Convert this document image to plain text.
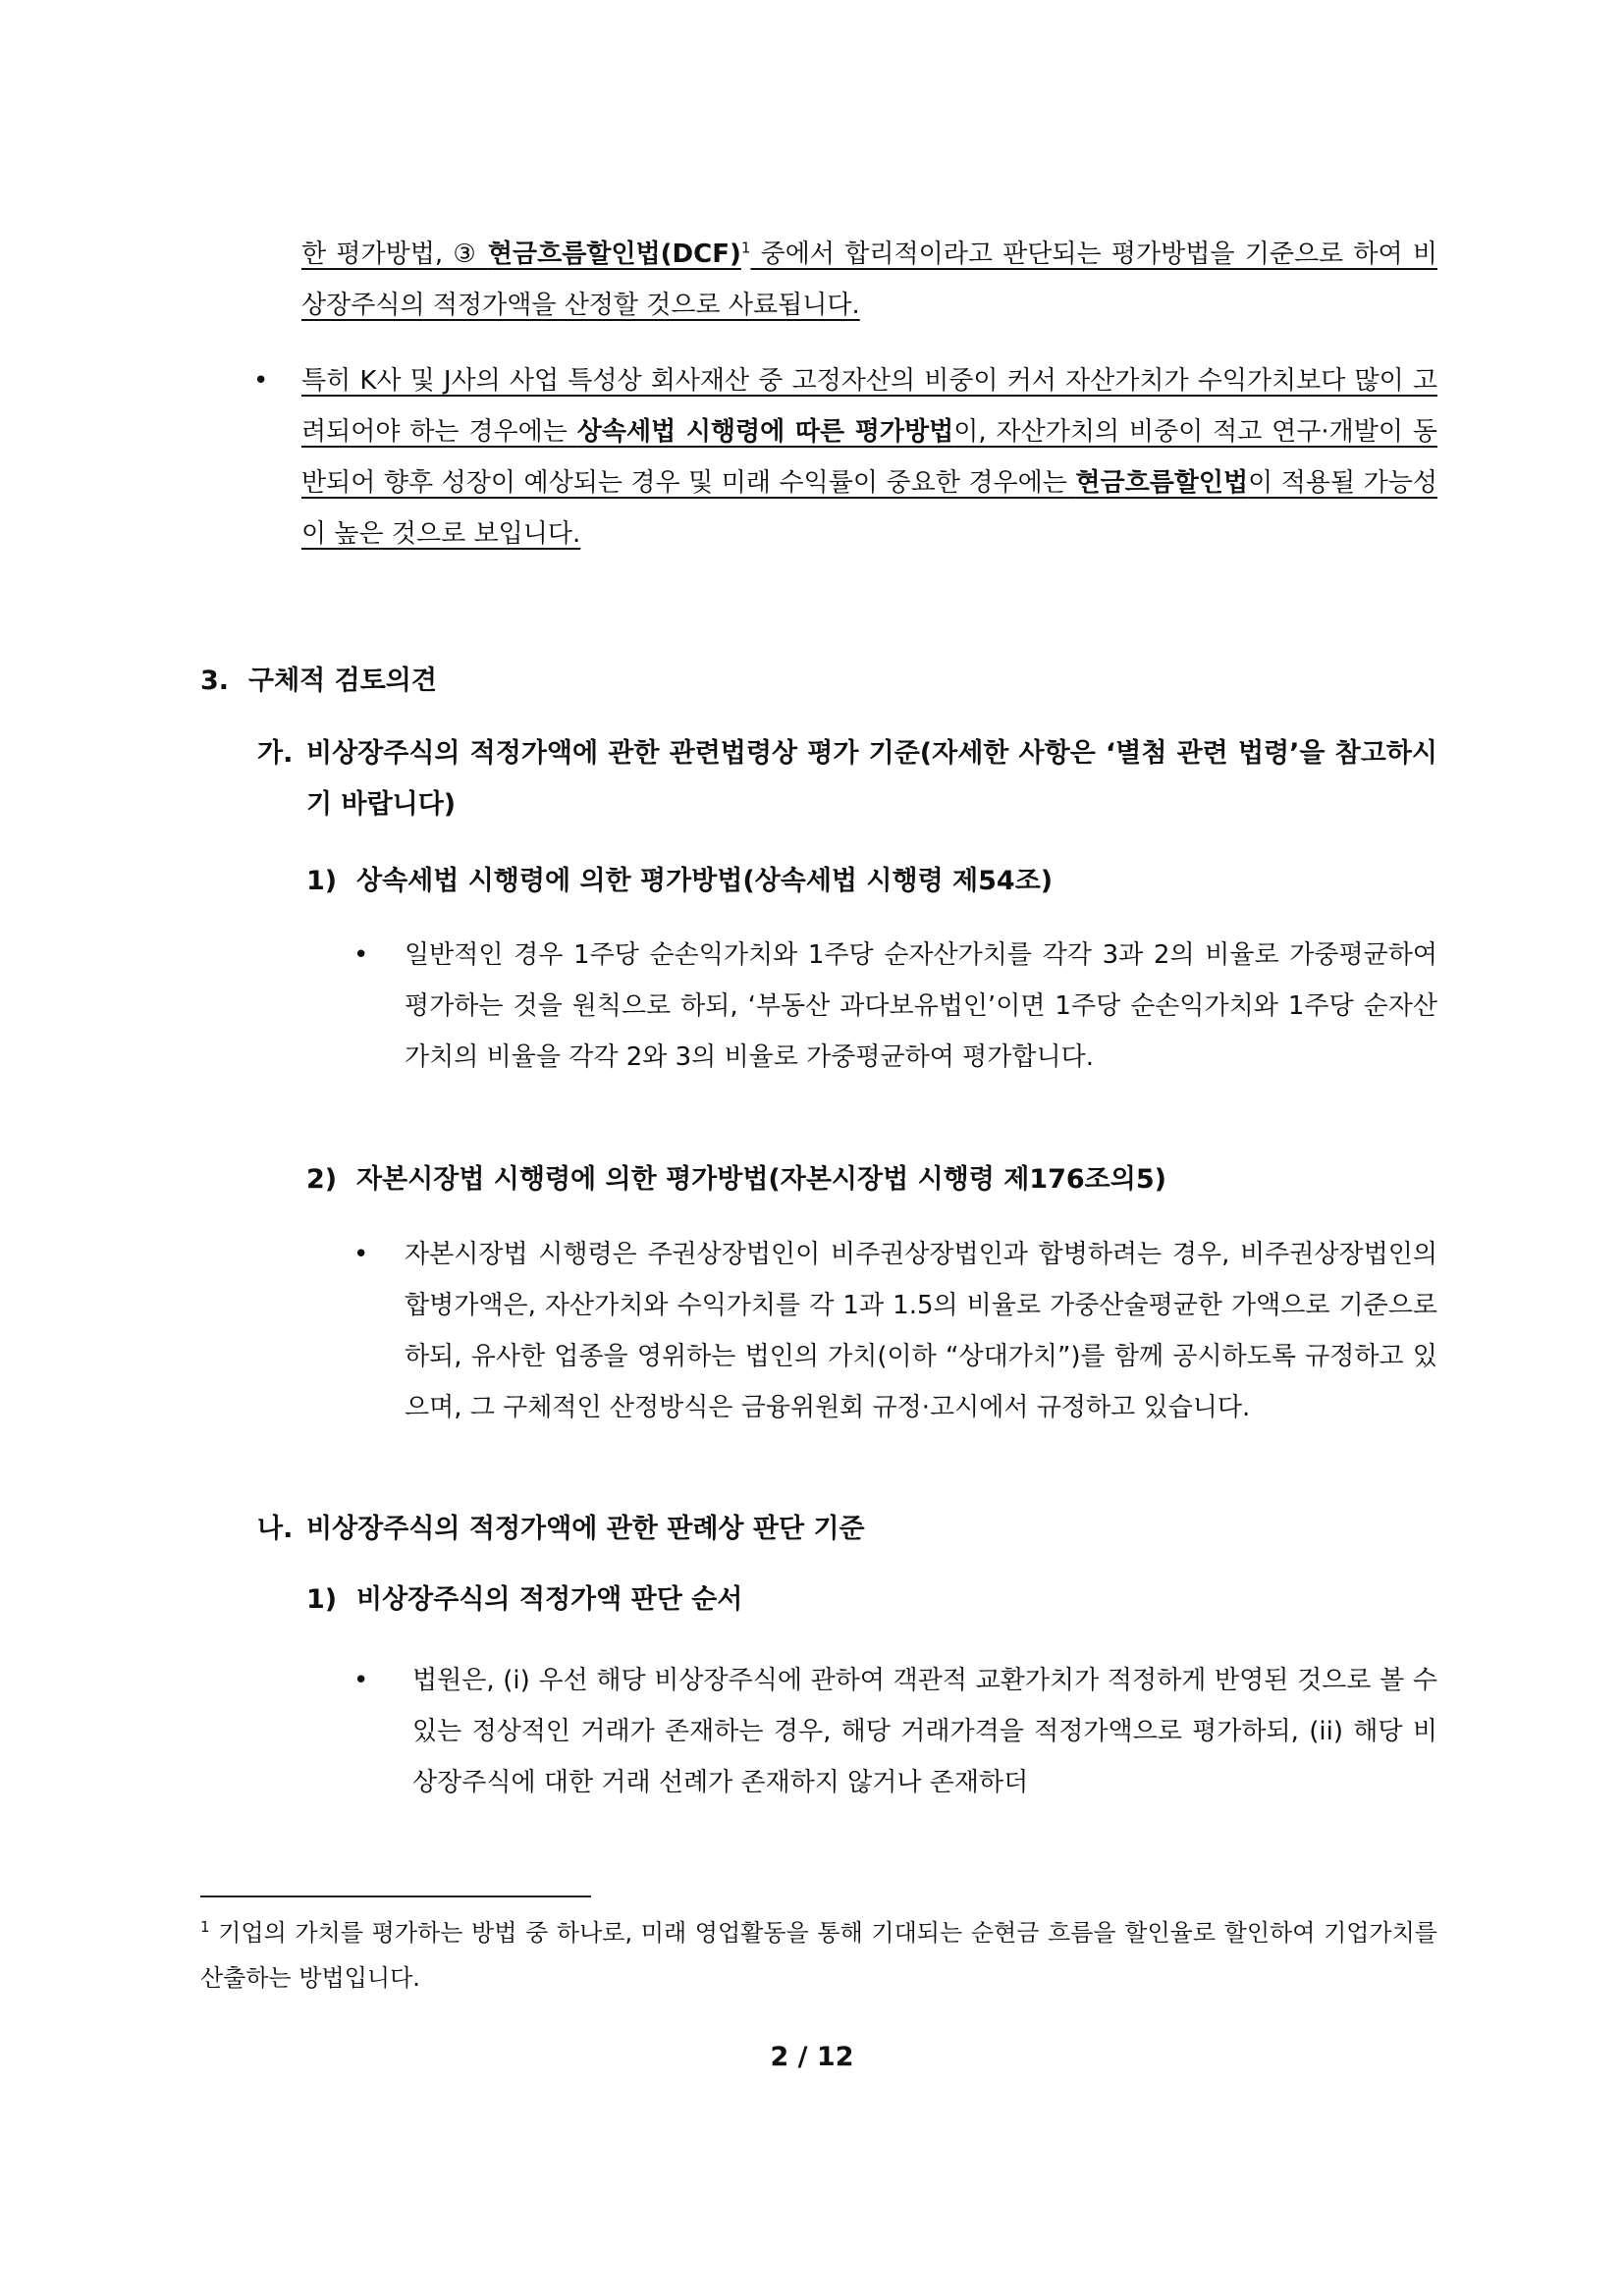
한 평가방법, ③ 현금흐름할인법(DCF)$^1$ 중에서 합리적이라고 판단되는 평가방법을 기준으로 하여 비상장주식의 적정가액을 산정할 것으로 사료됩니다.
• 특히 K사 및 J사의 사업 특성상 회사재산 중 고정자산의 비중이 커서 자산가치가 수익가치보다 많이 고려되어야 하는 경우에는 상속세법 시행령에 따른 평가방법이, 자산가치의 비중이 적고 연구·개발이 동반되어 향후 성장이 예상되는 경우 및 미래 수익률이 중요한 경우에는 현금흐름할인법이 적용될 가능성이 높은 것으로 보입니다.
3. 구체적 검토의견
가. 비상장주식의 적정가액에 관한 관련법령상 평가 기준(자세한 사항은 ‘별첨 관련 법령’을 참고하시기 바랍니다)
1) 상속세법 시행령에 의한 평가방법(상속세법 시행령 제54조)
• 일반적인 경우 1주당 순손익가치와 1주당 순자산가치를 각각 3과 2의 비율로 가중평균하여 평가하는 것을 원칙으로 하되, ‘부동산 과다보유법인’이면 1주당 순손익가치와 1주당 순자산가치의 비율을 각각 2와 3의 비율로 가중평균하여 평가합니다.
2) 자본시장법 시행령에 의한 평가방법(자본시장법 시행령 제176조의5)
• 자본시장법 시행령은 주권상장법인이 비주권상장법인과 합병하려는 경우, 비주권상장법인의 합병가액은, 자산가치와 수익가치를 각 1과 1.5의 비율로 가중산술평균한 가액으로 기준으로 하되, 유사한 업종을 영위하는 법인의 가치(이하 “상대가치”)를 함께 공시하도록 규정하고 있으며, 그 구체적인 산정방식은 금융위원회 규정·고시에서 규정하고 있습니다.
나. 비상장주식의 적정가액에 관한 판례상 판단 기준
1) 비상장주식의 적정가액 판단 순서
• 법원은, (i) 우선 해당 비상장주식에 관하여 객관적 교환가치가 적정하게 반영된 것으로 볼 수 있는 정상적인 거래가 존재하는 경우, 해당 거래가격을 적정가액으로 평가하되, (ii) 해당 비상장주식에 대한 거래 선례가 존재하지 않거나 존재하더
$^1$ 기업의 가치를 평가하는 방법 중 하나로, 미래 영업활동을 통해 기대되는 순현금 흐름을 할인율로 할인하여 기업가치를 산출하는 방법입니다.
2 / 12
